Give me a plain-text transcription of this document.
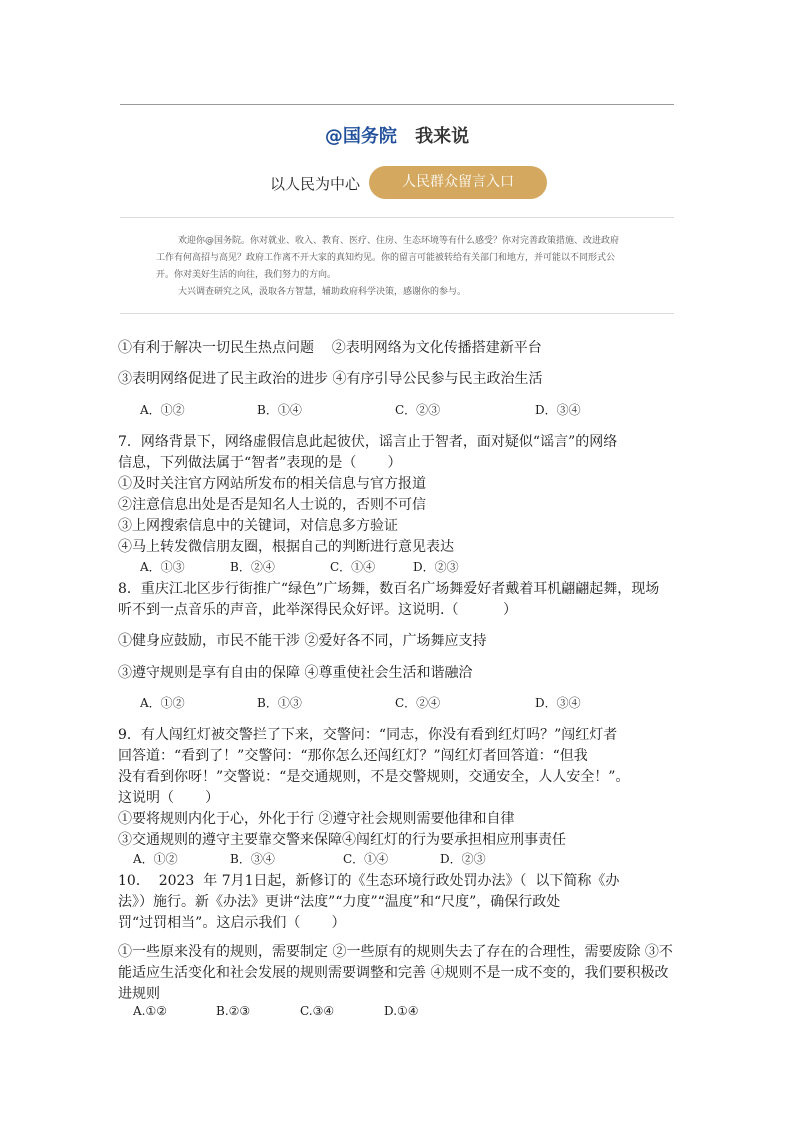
@国务院 我来说
以人民为中心	人民群众留言入口

欢迎你@国务院。你对就业、收入、教育、医疗、住房、生态环境等有什么感受？你对完善政策措施、改进政府

工作有何高招与高见？政府工作离不开大家的真知灼见。你的留言可能被转给有关部门和地方，并可能以不同形式公

开。你对美好生活的向往，我们努力的方向。

大兴调查研究之风，汲取各方智慧，辅助政府科学决策，感谢你的参与。

①有利于解决一切民生热点问题    ②表明网络为文化传播搭建新平台
③表明网络促进了民主政治的进步 ④有序引导公民参与民主政治生活
A．①②	B．①④	C．②③	D．③④
7．网络背景下，网络虚假信息此起彼伏，谣言止于智者，面对疑似“谣言”的网络
信息，下列做法属于“智者”表现的是（       ）
①及时关注官方网站所发布的相关信息与官方报道
②注意信息出处是否是知名人士说的，否则不可信
③上网搜索信息中的关键词，对信息多方验证
④马上转发微信朋友圈，根据自己的判断进行意见表达
A．①③	B．②④	C．①④	D．②③
8．重庆江北区步行街推广“绿色”广场舞，数百名广场舞爱好者戴着耳机翩翩起舞，现场
听不到一点音乐的声音，此举深得民众好评。这说明.（          ）
①健身应鼓励，市民不能干涉 ②爱好各不同，广场舞应支持
③遵守规则是享有自由的保障 ④尊重使社会生活和谐融洽
A．①②	B．①③	C．②④	D．③④
9．有人闯红灯被交警拦了下来，交警问：“同志，你没有看到红灯吗？”闯红灯者
回答道：“看到了！”交警问：“那你怎么还闯红灯？”闯红灯者回答道：“但我
没有看到你呀！”交警说：“是交通规则，不是交警规则，交通安全，人人安全！”。
这说明（       ）
①要将规则内化于心，外化于行 ②遵守社会规则需要他律和自律
③交通规则的遵守主要靠交警来保障④闯红灯的行为要承担相应刑事责任
A．①②	B．③④	C．①④	D．②③
10．  2023  年 7月1日起，新修订的《生态环境行政处罚办法》（  以下简称《办
法》）施行。新《办法》更讲“法度”“力度”“温度”和“尺度”，确保行政处
罚“过罚相当”。这启示我们（       ）
①一些原来没有的规则，需要制定 ②一些原有的规则失去了存在的合理性，需要废除 ③不
能适应生活变化和社会发展的规则需要调整和完善 ④规则不是一成不变的，我们要积极改
进规则
A.①②	B.②③	C.③④	D.①④
